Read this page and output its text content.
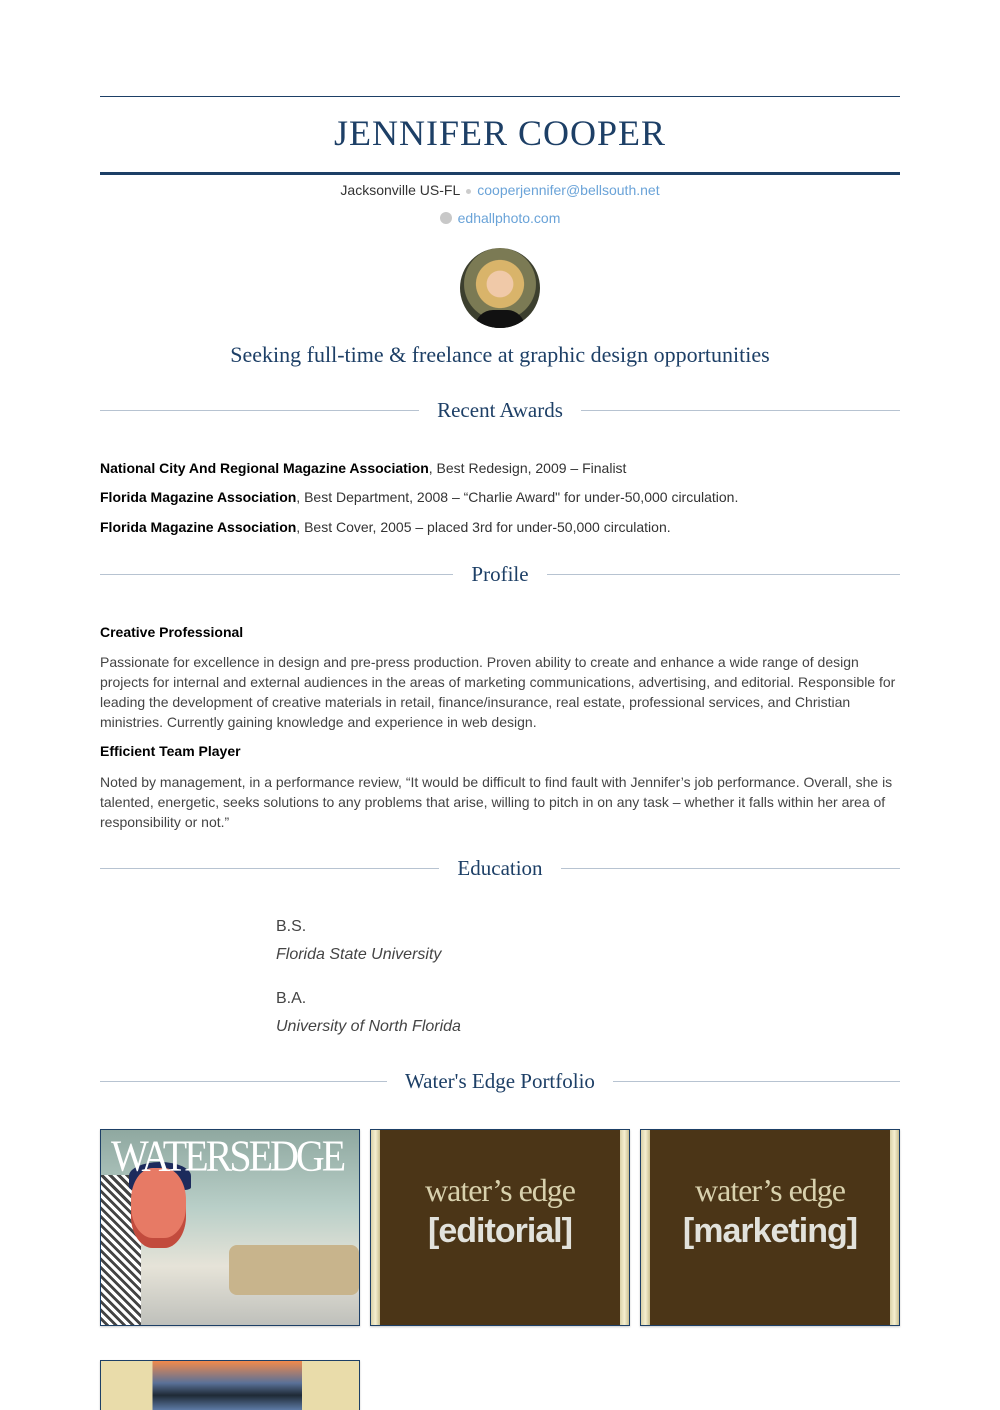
JENNIFER COOPER
Jacksonville US-FL cooperjennifer@bellsouth.net
edhallphoto.com
Seeking full-time & freelance at graphic design opportunities
Recent Awards
National City And Regional Magazine Association, Best Redesign, 2009 – Finalist
Florida Magazine Association, Best Department, 2008 – “Charlie Award" for under-50,000 circulation.
Florida Magazine Association, Best Cover, 2005 – placed 3rd for under-50,000 circulation.
Profile
Creative Professional
Passionate for excellence in design and pre-press production. Proven ability to create and enhance a wide range of design projects for internal and external audiences in the areas of marketing communications, advertising, and editorial. Responsible for leading the development of creative materials in retail, finance/insurance, real estate, professional services, and Christian ministries. Currently gaining knowledge and experience in web design.
Efficient Team Player
Noted by management, in a performance review, “It would be difficult to find fault with Jennifer’s job performance. Overall, she is talented, energetic, seeks solutions to any problems that arise, willing to pitch in on any task – whether it falls within her area of responsibility or not.”
Education
B.S.
Florida State University
B.A.
University of North Florida
Water's Edge Portfolio
WATERSEDGE
water’s edge
[editorial]
water’s edge
[marketing]
